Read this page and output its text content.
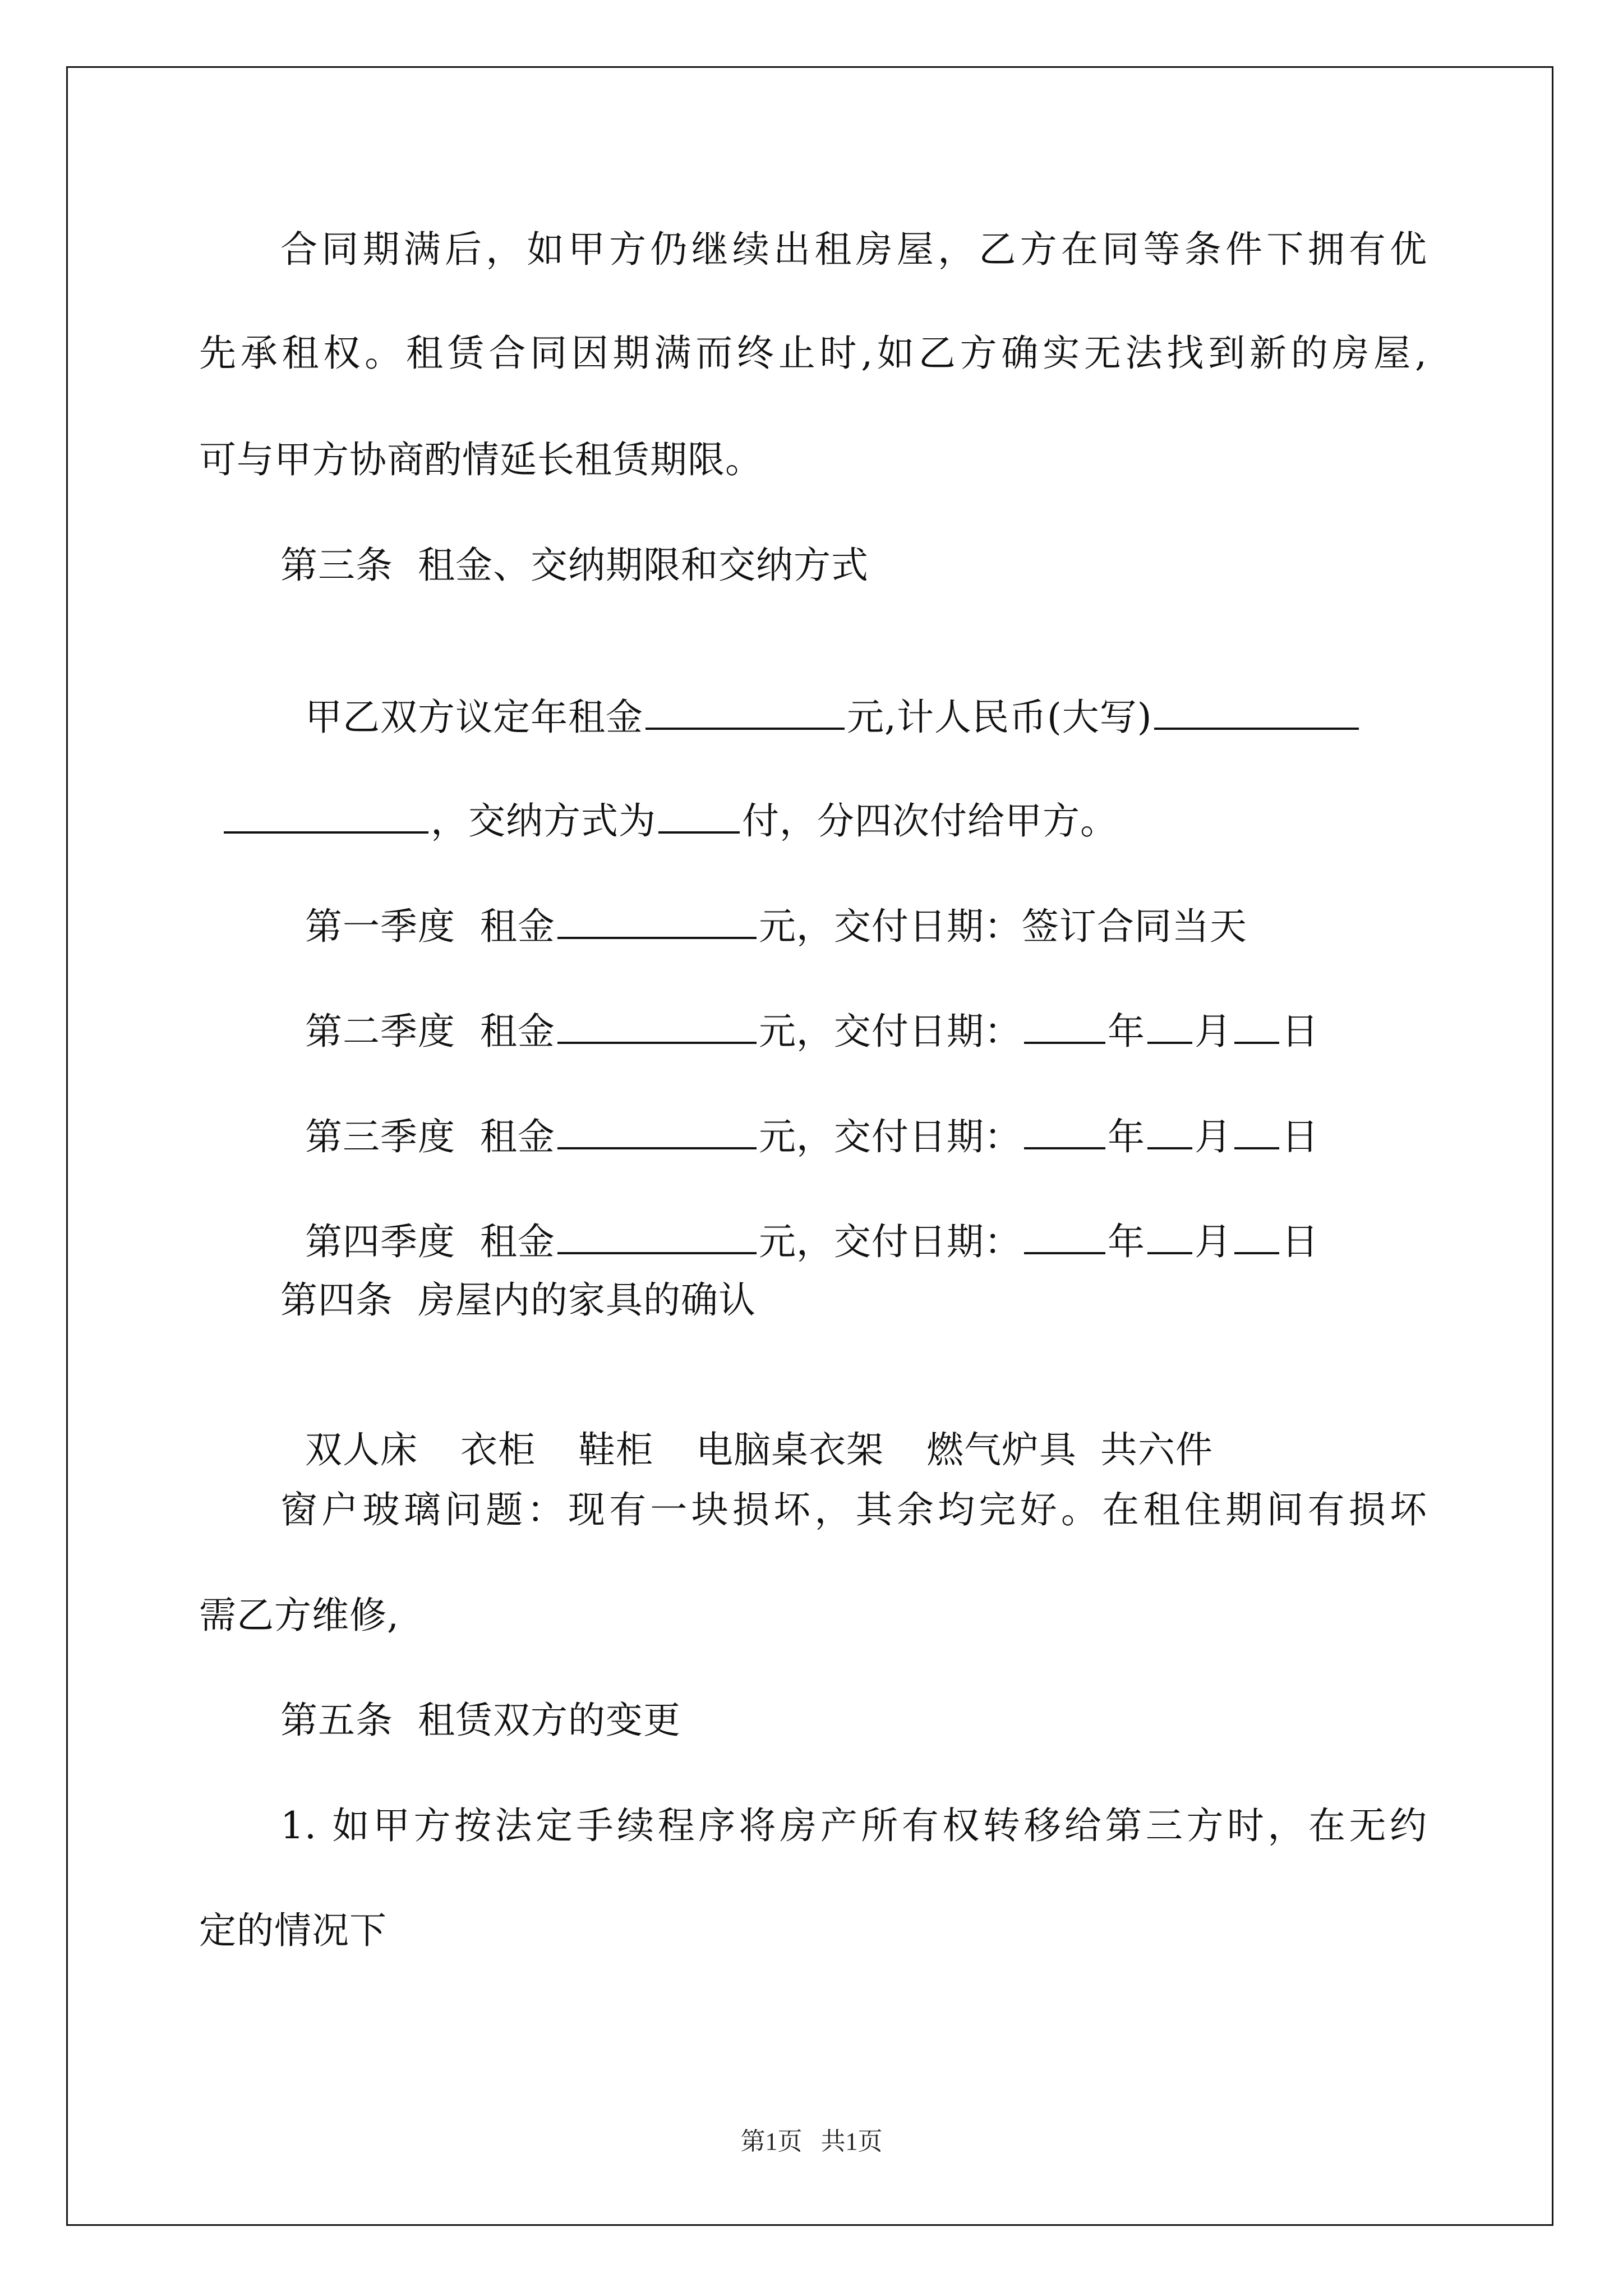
合同期满后，如甲方仍继续出租房屋，乙方在同等条件下拥有优
先承租权。租赁合同因期满而终止时,如乙方确实无法找到新的房屋,
可与甲方协商酌情延长租赁期限。
第三条  租金、交纳期限和交纳方式

甲乙双方议定年租金	元,计人民币(大写)

，交纳方式为 付，分四次付给甲方。

第一季度  租金	元，交付日期：签订合同当天

第二季度  租金	元，交付日期： 年 月 日

第三季度  租金	元，交付日期： 年 月 日

第四季度  租金	元，交付日期： 年 月 日

第四条  房屋内的家具的确认

双人床 衣柜 鞋柜 电脑桌衣架 燃气炉具 共六件

窗户玻璃问题：现有一块损坏，其余均完好。在租住期间有损坏
需乙方维修,
第五条  租赁双方的变更
1. 如甲方按法定手续程序将房产所有权转移给第三方时，在无约
定的情况下
第1页   共1页
